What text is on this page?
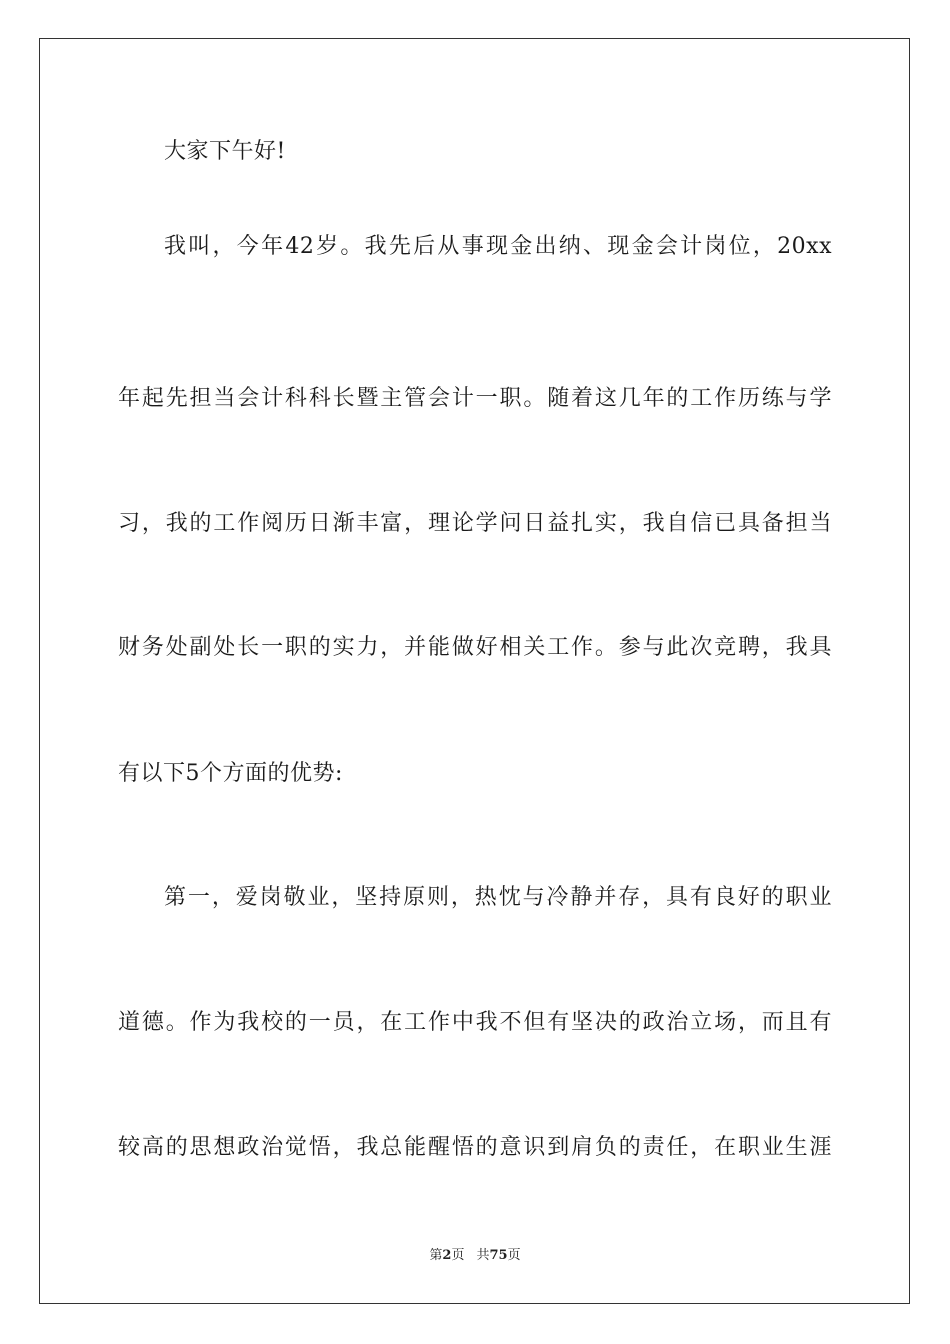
大家下午好!
我叫，今年42岁。我先后从事现金出纳、现金会计岗位，20xx
年起先担当会计科科长暨主管会计一职。随着这几年的工作历练与学
习，我的工作阅历日渐丰富，理论学问日益扎实，我自信已具备担当
财务处副处长一职的实力，并能做好相关工作。参与此次竞聘，我具
有以下5个方面的优势:
第一，爱岗敬业，坚持原则，热忱与冷静并存，具有良好的职业
道德。作为我校的一员，在工作中我不但有坚决的政治立场，而且有
较高的思想政治觉悟，我总能醒悟的意识到肩负的责任，在职业生涯
第2页 共75页
